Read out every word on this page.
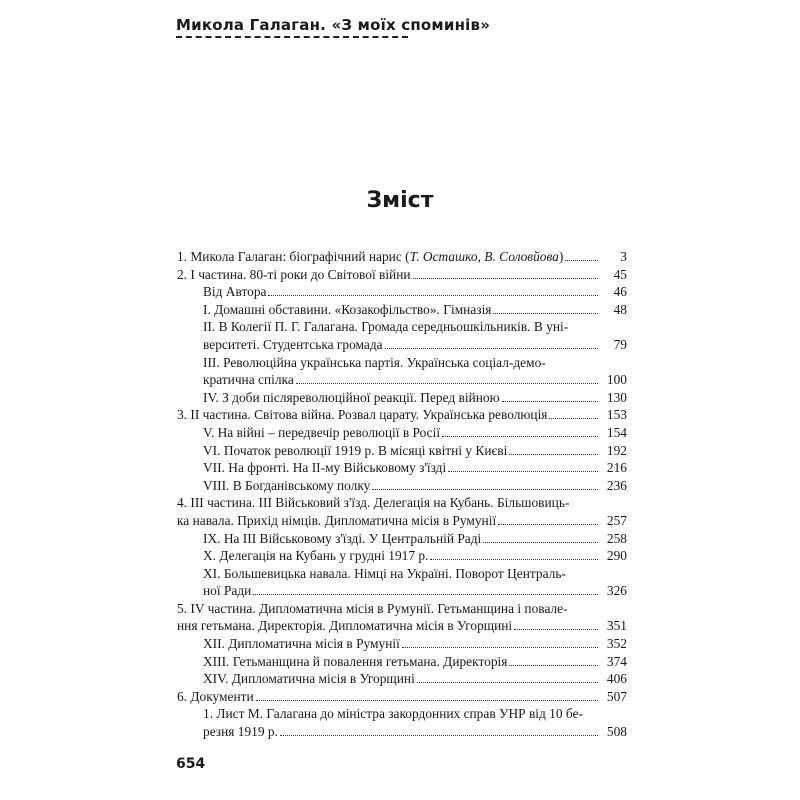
Микола Галаган. «З моїх споминів»
Зміст
1. Микола Галаган: біографічний нарис (Т. Осташко, В. Соловйова)	3
2. І частина. 80-ті роки до Світової війни	45
Від Автора	46
I. Домашні обставини. «Козакофільство». Гімназія	48
II. В Колегії П. Г. Галагана. Громада середньошкільників. В уні-
верситеті. Студентська громада	79
III. Революційна українська партія. Українська соціал-демо-
кратична спілка	100
IV. З доби післяреволюційної реакції. Перед війною	130
3. ІІ частина. Світова війна. Розвал царату. Українська революція	153
V. На війні – передвечір революції в Росії	154
VI. Початок революції 1919 р. В місяці квітні у Києві	192
VII. На фронті. На ІІ-му Військовому з'їзді	216
VIII. В Богданівському полку	236
4. ІІІ частина. ІІІ Військовий з'їзд. Делегація на Кубань. Більшовиць-
ка навала. Прихід німців. Дипломатична місія в Румунії	257
IX. На ІІІ Військовому з'їзді. У Центральній Раді	258
X. Делегація на Кубань у грудні 1917 р.	290
XI. Большевицька навала. Німці на Україні. Поворот Централь-
ної Ради	326
5. IV частина. Дипломатична місія в Румунії. Гетьманщина і повале-
ння гетьмана. Директорія. Дипломатична місія в Угорщині	351
XII. Дипломатична місія в Румунії	352
XIII. Гетьманщина й повалення гетьмана. Директорія	374
XIV. Дипломатична місія в Угорщині	406
6. Документи	507
1. Лист М. Галагана до міністра закордонних справ УНР від 10 бе-
резня 1919 р.	508
654
